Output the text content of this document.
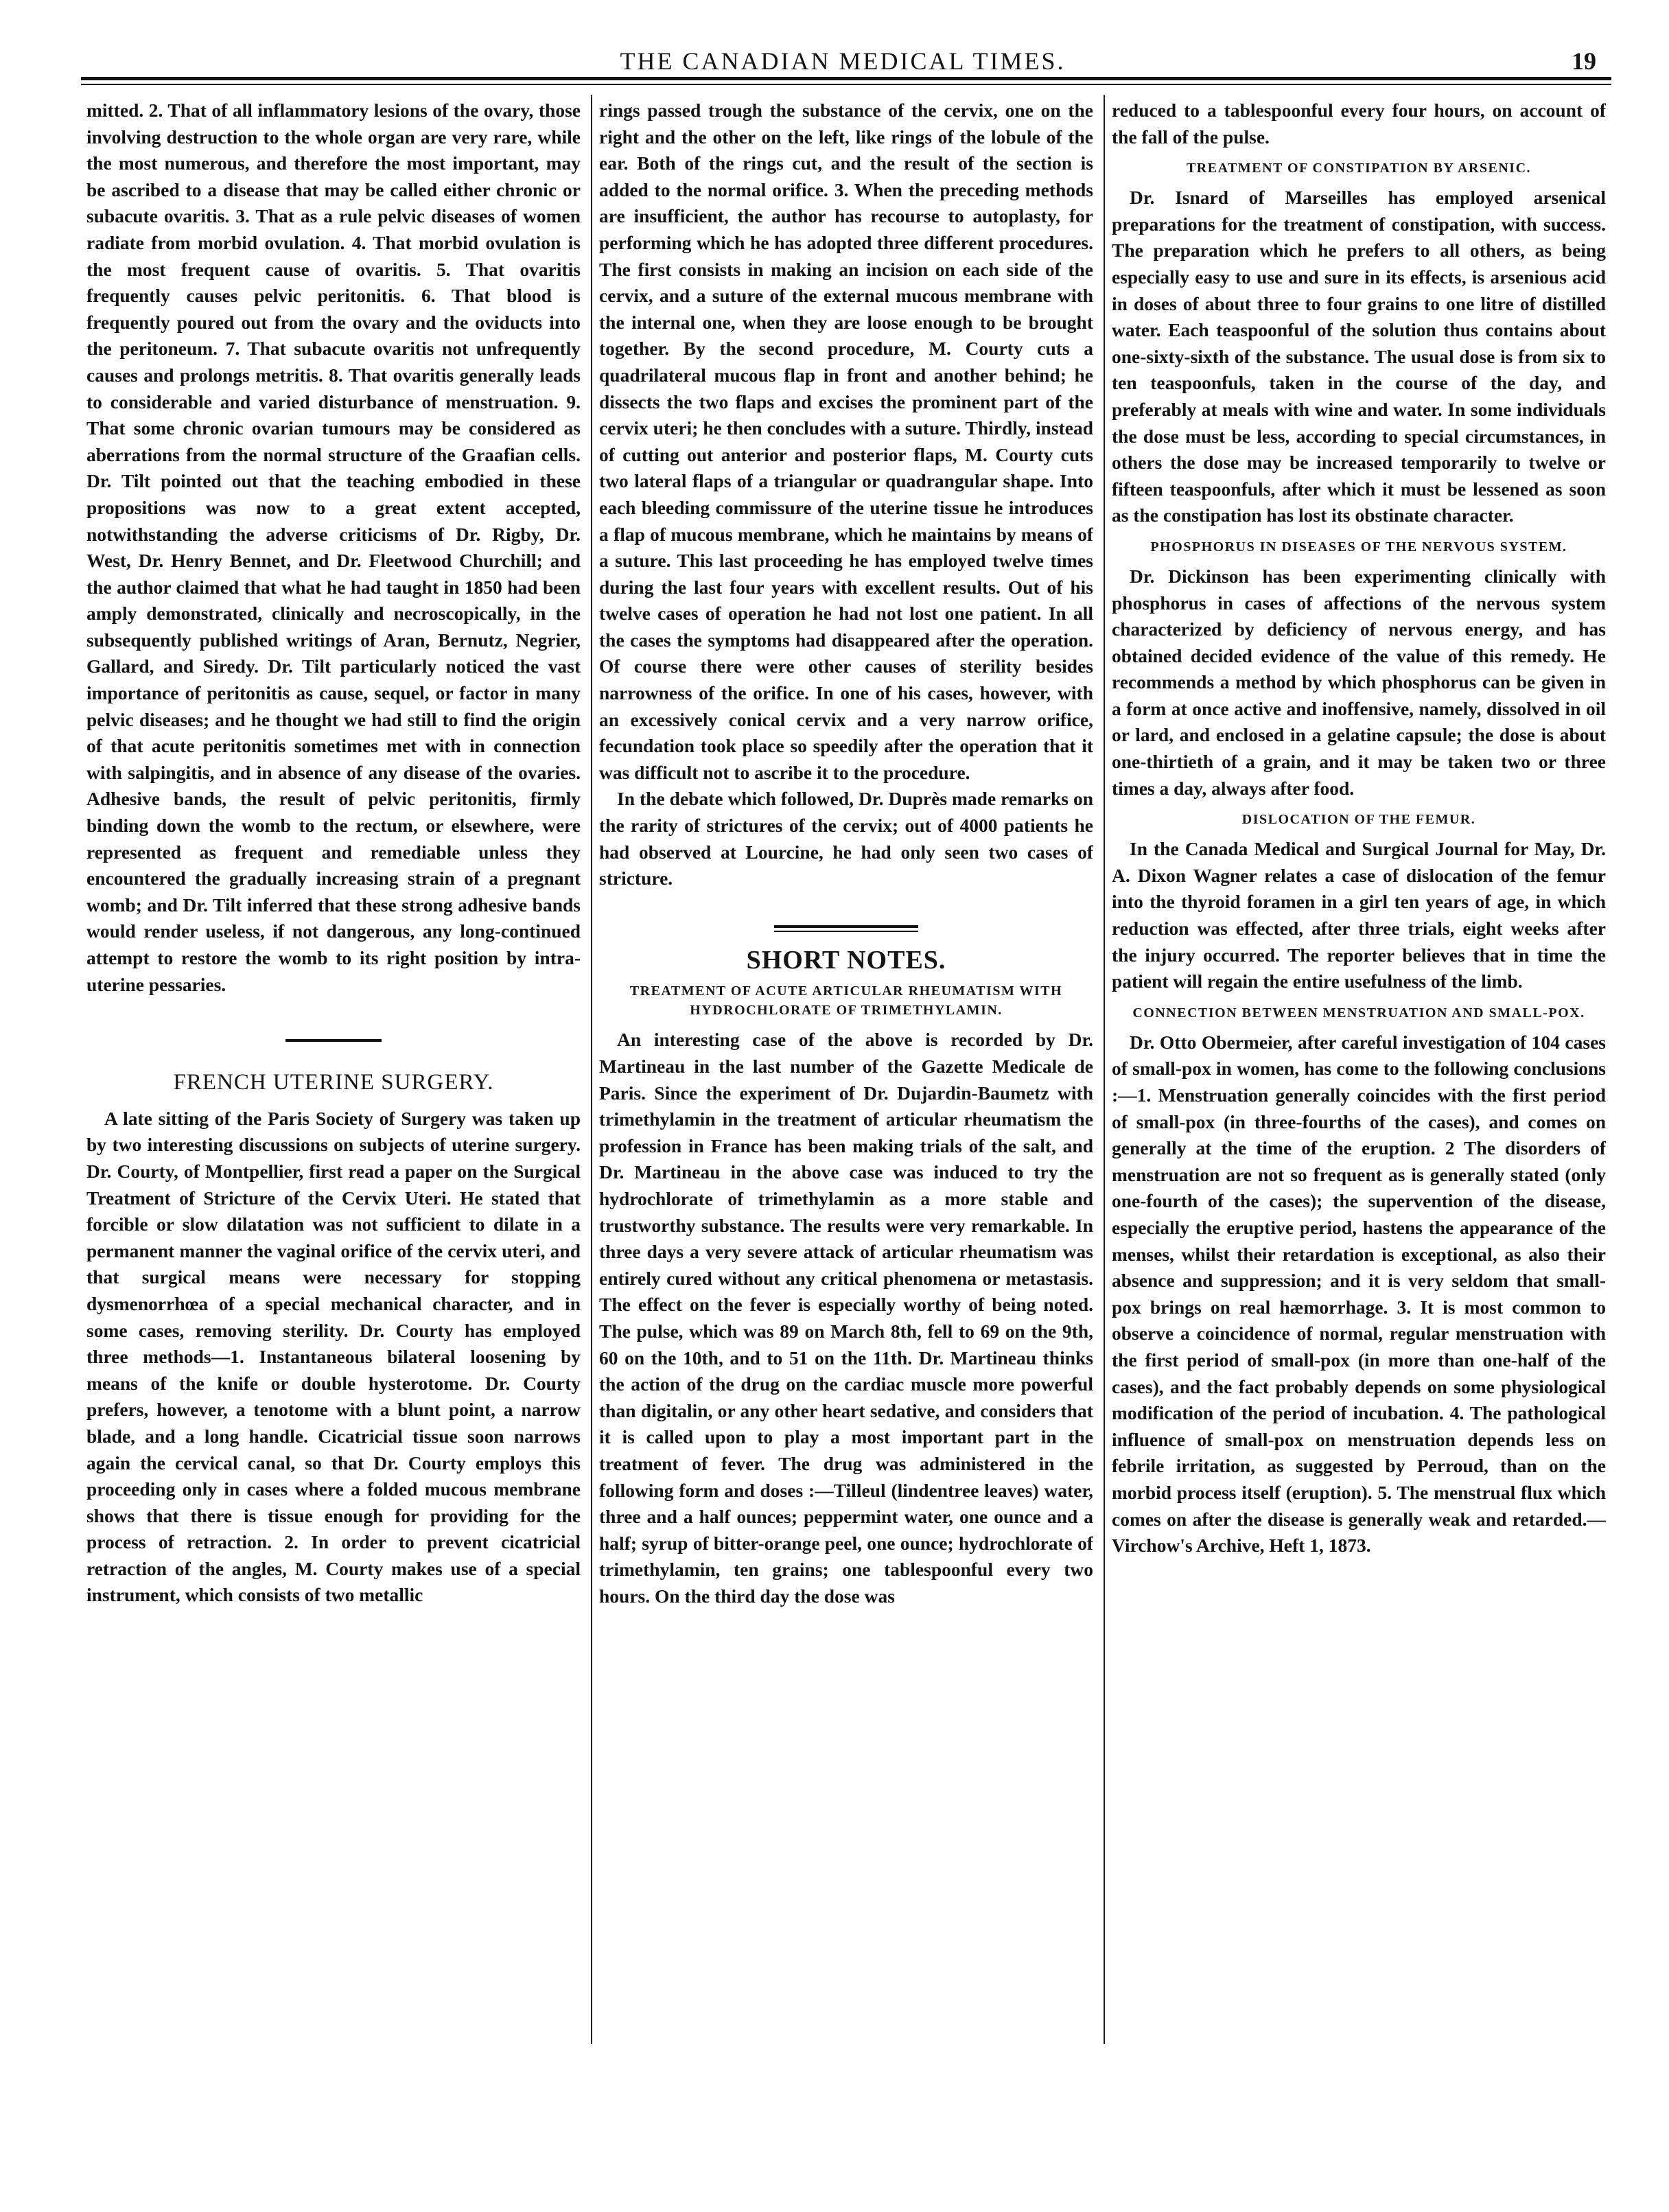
THE CANADIAN MEDICAL TIMES.	19

mitted. 2. That of all inflammatory lesions of the ovary, those involving destruction to the whole organ are very rare, while the most numerous, and therefore the most important, may be ascribed to a disease that may be called either chronic or subacute ovaritis. 3. That as a rule pelvic diseases of women radiate from morbid ovulation. 4. That morbid ovulation is the most frequent cause of ovaritis. 5. That ovaritis frequently causes pelvic peritonitis. 6. That blood is frequently poured out from the ovary and the oviducts into the peritoneum. 7. That subacute ovaritis not unfrequently causes and prolongs metritis. 8. That ovaritis generally leads to considerable and varied disturbance of menstruation. 9. That some chronic ovarian tumours may be considered as aberrations from the normal structure of the Graafian cells. Dr. Tilt pointed out that the teaching embodied in these propositions was now to a great extent accepted, notwithstanding the adverse criticisms of Dr. Rigby, Dr. West, Dr. Henry Bennet, and Dr. Fleetwood Churchill; and the author claimed that what he had taught in 1850 had been amply demonstrated, clinically and necroscopically, in the subsequently published writings of Aran, Bernutz, Negrier, Gallard, and Siredy. Dr. Tilt particularly noticed the vast importance of peritonitis as cause, sequel, or factor in many pelvic diseases; and he thought we had still to find the origin of that acute peritonitis sometimes met with in connection with salpingitis, and in absence of any disease of the ovaries. Adhesive bands, the result of pelvic peritonitis, firmly binding down the womb to the rectum, or elsewhere, were represented as frequent and remediable unless they encountered the gradually increasing strain of a pregnant womb; and Dr. Tilt inferred that these strong adhesive bands would render useless, if not dangerous, any long-continued attempt to restore the womb to its right position by intra-uterine pessaries.

FRENCH UTERINE SURGERY.

A late sitting of the Paris Society of Surgery was taken up by two interesting discussions on subjects of uterine surgery. Dr. Courty, of Montpellier, first read a paper on the Surgical Treatment of Stricture of the Cervix Uteri. He stated that forcible or slow dilatation was not sufficient to dilate in a permanent manner the vaginal orifice of the cervix uteri, and that surgical means were necessary for stopping dysmenorrhœa of a special mechanical character, and in some cases, removing sterility. Dr. Courty has employed three methods—1. Instantaneous bilateral loosening by means of the knife or double hysterotome. Dr. Courty prefers, however, a tenotome with a blunt point, a narrow blade, and a long handle. Cicatricial tissue soon narrows again the cervical canal, so that Dr. Courty employs this proceeding only in cases where a folded mucous membrane shows that there is tissue enough for providing for the process of retraction. 2. In order to prevent cicatricial retraction of the angles, M. Courty makes use of a special instrument, which consists of two metallic

rings passed trough the substance of the cervix, one on the right and the other on the left, like rings of the lobule of the ear. Both of the rings cut, and the result of the section is added to the normal orifice. 3. When the preceding methods are insufficient, the author has recourse to autoplasty, for performing which he has adopted three different procedures. The first consists in making an incision on each side of the cervix, and a suture of the external mucous membrane with the internal one, when they are loose enough to be brought together. By the second procedure, M. Courty cuts a quadrilateral mucous flap in front and another behind; he dissects the two flaps and excises the prominent part of the cervix uteri; he then concludes with a suture. Thirdly, instead of cutting out anterior and posterior flaps, M. Courty cuts two lateral flaps of a triangular or quadrangular shape. Into each bleeding commissure of the uterine tissue he introduces a flap of mucous membrane, which he maintains by means of a suture. This last proceeding he has employed twelve times during the last four years with excellent results. Out of his twelve cases of operation he had not lost one patient. In all the cases the symptoms had disappeared after the operation. Of course there were other causes of sterility besides narrowness of the orifice. In one of his cases, however, with an excessively conical cervix and a very narrow orifice, fecundation took place so speedily after the operation that it was difficult not to ascribe it to the procedure.

In the debate which followed, Dr. Duprès made remarks on the rarity of strictures of the cervix; out of 4000 patients he had observed at Lourcine, he had only seen two cases of stricture.

SHORT NOTES.
TREATMENT OF ACUTE ARTICULAR RHEUMATISM WITH HYDROCHLORATE OF TRIMETHYLAMIN.

An interesting case of the above is recorded by Dr. Martineau in the last number of the Gazette Medicale de Paris. Since the experiment of Dr. Dujardin-Baumetz with trimethylamin in the treatment of articular rheumatism the profession in France has been making trials of the salt, and Dr. Martineau in the above case was induced to try the hydrochlorate of trimethylamin as a more stable and trustworthy substance. The results were very remarkable. In three days a very severe attack of articular rheumatism was entirely cured without any critical phenomena or metastasis. The effect on the fever is especially worthy of being noted. The pulse, which was 89 on March 8th, fell to 69 on the 9th, 60 on the 10th, and to 51 on the 11th. Dr. Martineau thinks the action of the drug on the cardiac muscle more powerful than digitalin, or any other heart sedative, and considers that it is called upon to play a most important part in the treatment of fever. The drug was administered in the following form and doses :—Tilleul (lindentree leaves) water, three and a half ounces; peppermint water, one ounce and a half; syrup of bitter-orange peel, one ounce; hydrochlorate of trimethylamin, ten grains; one tablespoonful every two hours. On the third day the dose was

reduced to a tablespoonful every four hours, on account of the fall of the pulse.

TREATMENT OF CONSTIPATION BY ARSENIC.

Dr. Isnard of Marseilles has employed arsenical preparations for the treatment of constipation, with success. The preparation which he prefers to all others, as being especially easy to use and sure in its effects, is arsenious acid in doses of about three to four grains to one litre of distilled water. Each teaspoonful of the solution thus contains about one-sixty-sixth of the substance. The usual dose is from six to ten teaspoonfuls, taken in the course of the day, and preferably at meals with wine and water. In some individuals the dose must be less, according to special circumstances, in others the dose may be increased temporarily to twelve or fifteen teaspoonfuls, after which it must be lessened as soon as the constipation has lost its obstinate character.

PHOSPHORUS IN DISEASES OF THE NERVOUS SYSTEM.

Dr. Dickinson has been experimenting clinically with phosphorus in cases of affections of the nervous system characterized by deficiency of nervous energy, and has obtained decided evidence of the value of this remedy. He recommends a method by which phosphorus can be given in a form at once active and inoffensive, namely, dissolved in oil or lard, and enclosed in a gelatine capsule; the dose is about one-thirtieth of a grain, and it may be taken two or three times a day, always after food.

DISLOCATION OF THE FEMUR.

In the Canada Medical and Surgical Journal for May, Dr. A. Dixon Wagner relates a case of dislocation of the femur into the thyroid foramen in a girl ten years of age, in which reduction was effected, after three trials, eight weeks after the injury occurred. The reporter believes that in time the patient will regain the entire usefulness of the limb.

CONNECTION BETWEEN MENSTRUATION AND SMALL-POX.

Dr. Otto Obermeier, after careful investigation of 104 cases of small-pox in women, has come to the following conclusions :—1. Menstruation generally coincides with the first period of small-pox (in three-fourths of the cases), and comes on generally at the time of the eruption. 2 The disorders of menstruation are not so frequent as is generally stated (only one-fourth of the cases); the supervention of the disease, especially the eruptive period, hastens the appearance of the menses, whilst their retardation is exceptional, as also their absence and suppression; and it is very seldom that small-pox brings on real hæmorrhage. 3. It is most common to observe a coincidence of normal, regular menstruation with the first period of small-pox (in more than one-half of the cases), and the fact probably depends on some physiological modification of the period of incubation. 4. The pathological influence of small-pox on menstruation depends less on febrile irritation, as suggested by Perroud, than on the morbid process itself (eruption). 5. The menstrual flux which comes on after the disease is generally weak and retarded.—Virchow's Archive, Heft 1, 1873.
